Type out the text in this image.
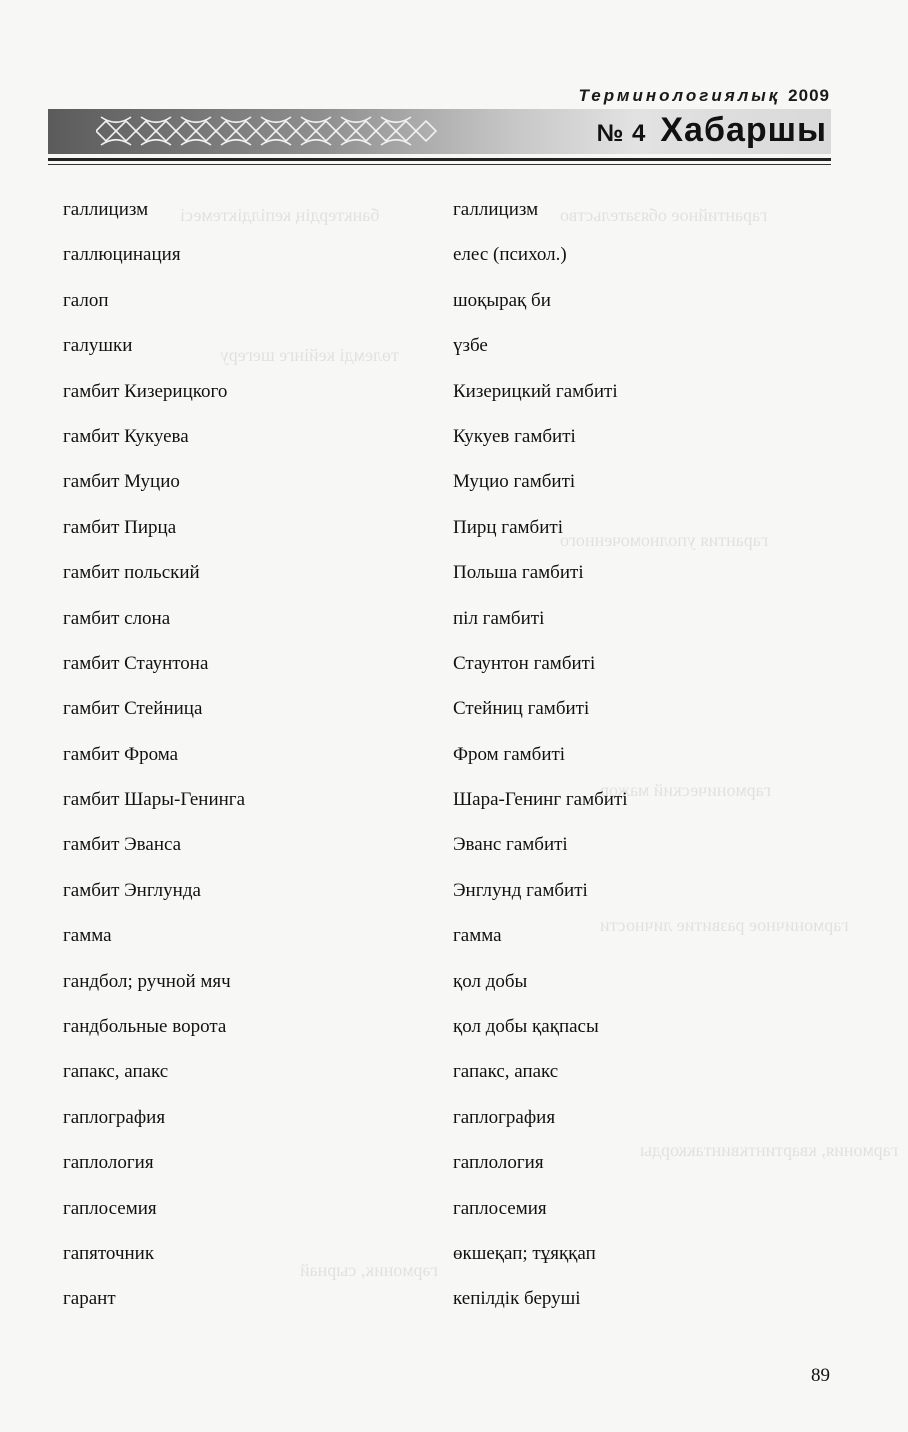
Терминологиялық 2009
№ 4 Хабаршы
банктердің кепілдіктемесі	гарантийное обязательство
төлемді кейінге шегеру
гарантия уполномоченного
гармонический мажор
гармоничное развитие личности
гармония, квартинтквинтаккорды
гәрмоник, сырнай
галлицизм	галлицизм
галлюцинация	елес (психол.)
галоп	шоқырақ би
галушки	үзбе
гамбит Кизерицкого	Кизерицкий гамбиті
гамбит Кукуева	Кукуев гамбиті
гамбит Муцио	Муцио гамбиті
гамбит Пирца	Пирц гамбиті
гамбит польский	Польша гамбиті
гамбит слона	піл гамбиті
гамбит Стаунтона	Стаунтон гамбиті
гамбит Стейница	Стейниц гамбиті
гамбит Фрома	Фром гамбиті
гамбит Шары-Генинга	Шара-Генинг гамбиті
гамбит Эванса	Эванс гамбиті
гамбит Энглунда	Энглунд гамбиті
гамма	гамма
гандбол; ручной мяч	қол добы
гандбольные ворота	қол добы қақпасы
гапакс, апакс	гапакс, апакс
гаплография	гаплография
гаплология	гаплология
гаплосемия	гаплосемия
гапяточник	өкшеқап; тұяққап
гарант	кепілдік беруші
89
